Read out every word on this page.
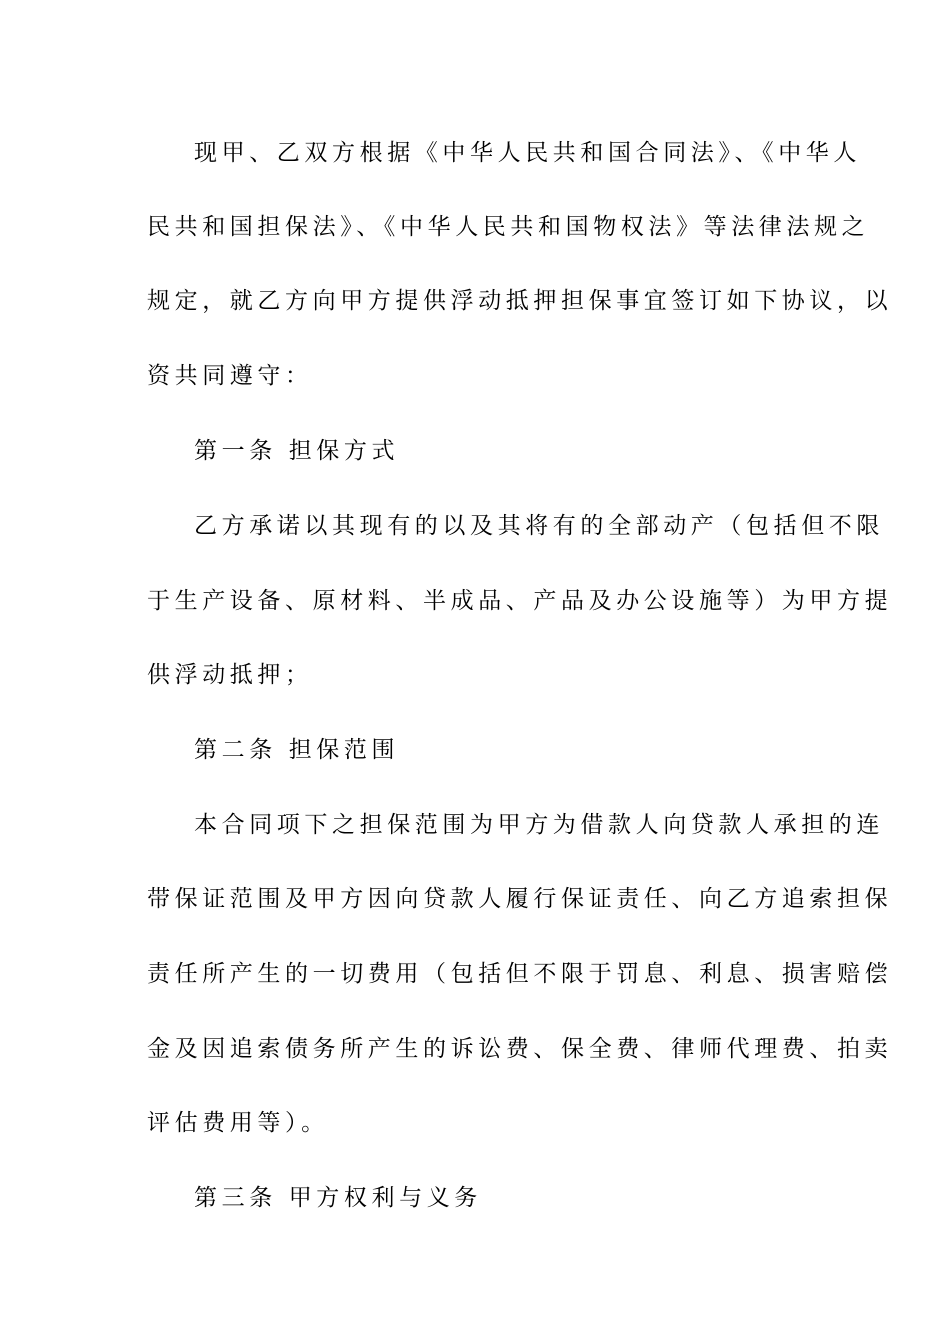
现甲、乙双方根据《中华人民共和国合同法》、《中华人
民共和国担保法》、《中华人民共和国物权法》等法律法规之
规定，就乙方向甲方提供浮动抵押担保事宜签订如下协议，以
资共同遵守：
第一条 担保方式
乙方承诺以其现有的以及其将有的全部动产（包括但不限
于生产设备、原材料、半成品、产品及办公设施等）为甲方提
供浮动抵押；
第二条 担保范围
本合同项下之担保范围为甲方为借款人向贷款人承担的连
带保证范围及甲方因向贷款人履行保证责任、向乙方追索担保
责任所产生的一切费用（包括但不限于罚息、利息、损害赔偿
金及因追索债务所产生的诉讼费、保全费、律师代理费、拍卖
评估费用等）。
第三条 甲方权利与义务
